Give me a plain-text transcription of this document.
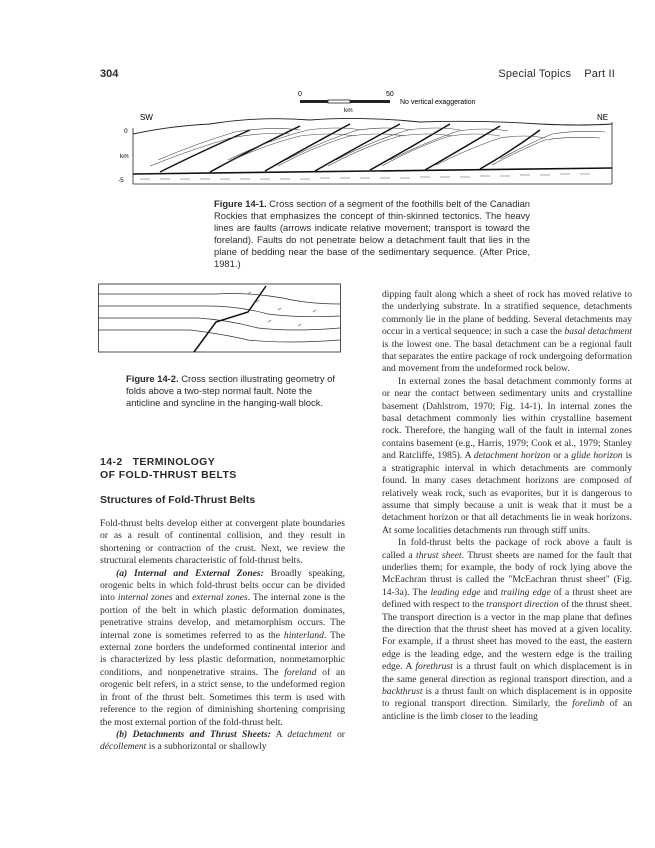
304	Special Topics    Part II
0	50
km
No vertical exaggeration
SW	NE
0
km
-5
Figure 14-1. Cross section of a segment of the foothills belt of the Canadian Rockies that emphasizes the concept of thin-skinned tectonics. The heavy lines are faults (arrows indicate relative movement; transport is toward the foreland). Faults do not penetrate below a detachment fault that lies in the plane of bedding near the base of the sedimentary sequence. (After Price, 1981.)
Figure 14-2. Cross section illustrating geometry of folds above a two-step normal fault. Note the anticline and syncline in the hanging-wall block.
14-2 TERMINOLOGY
OF FOLD-THRUST BELTS
Structures of Fold-Thrust Belts

Fold-thrust belts develop either at convergent plate boundaries or as a result of continental collision, and they result in shortening or contraction of the crust. Next, we review the structural elements characteristic of fold-thrust belts.

(a) Internal and External Zones: Broadly speaking, orogenic belts in which fold-thrust belts occur can be divided into internal zones and external zones. The internal zone is the portion of the belt in which plastic deformation dominates, penetrative strains develop, and metamorphism occurs. The internal zone is sometimes referred to as the hinterland. The external zone borders the undeformed continental interior and is characterized by less plastic deformation, nonmetamorphic conditions, and nonpenetrative strains. The foreland of an orogenic belt refers, in a strict sense, to the undeformed region in front of the thrust belt. Sometimes this term is used with reference to the region of diminishing shortening comprising the most external portion of the fold-thrust belt.

(b) Detachments and Thrust Sheets: A detachment or décollement is a subhorizontal or shallowly

dipping fault along which a sheet of rock has moved relative to the underlying substrate. In a stratified sequence, detachments commonly lie in the plane of bedding. Several detachments may occur in a vertical sequence; in such a case the basal detachment is the lowest one. The basal detachment can be a regional fault that separates the entire package of rock undergoing deformation and movement from the undeformed rock below.

In external zones the basal detachment commonly forms at or near the contact between sedimentary units and crystalline basement (Dahlstrom, 1970; Fig. 14-1). In internal zones the basal detachment commonly lies within crystalline basement rock. Therefore, the hanging wall of the fault in internal zones contains basement (e.g., Harris, 1979; Cook et al., 1979; Stanley and Ratcliffe, 1985). A detachment horizon or a glide horizon is a stratigraphic interval in which detachments are commonly found. In many cases detachment horizons are composed of relatively weak rock, such as evaporites, but it is dangerous to assume that simply because a unit is weak that it must be a detachment horizon or that all detachments lie in weak horizons. At some localities detachments run through stiff units.

In fold-thrust belts the package of rock above a fault is called a thrust sheet. Thrust sheets are named for the fault that underlies them; for example, the body of rock lying above the McEachran thrust is called the "McEachran thrust sheet" (Fig. 14-3a). The leading edge and trailing edge of a thrust sheet are defined with respect to the transport direction of the thrust sheet. The transport direction is a vector in the map plane that defines the direction that the thrust sheet has moved at a given locality. For example, if a thrust sheet has moved to the east, the eastern edge is the leading edge, and the western edge is the trailing edge. A forethrust is a thrust fault on which displacement is in the same general direction as regional transport direction, and a backthrust is a thrust fault on which displacement is in opposite to regional transport direction. Similarly, the forelimb of an anticline is the limb closer to the leading
